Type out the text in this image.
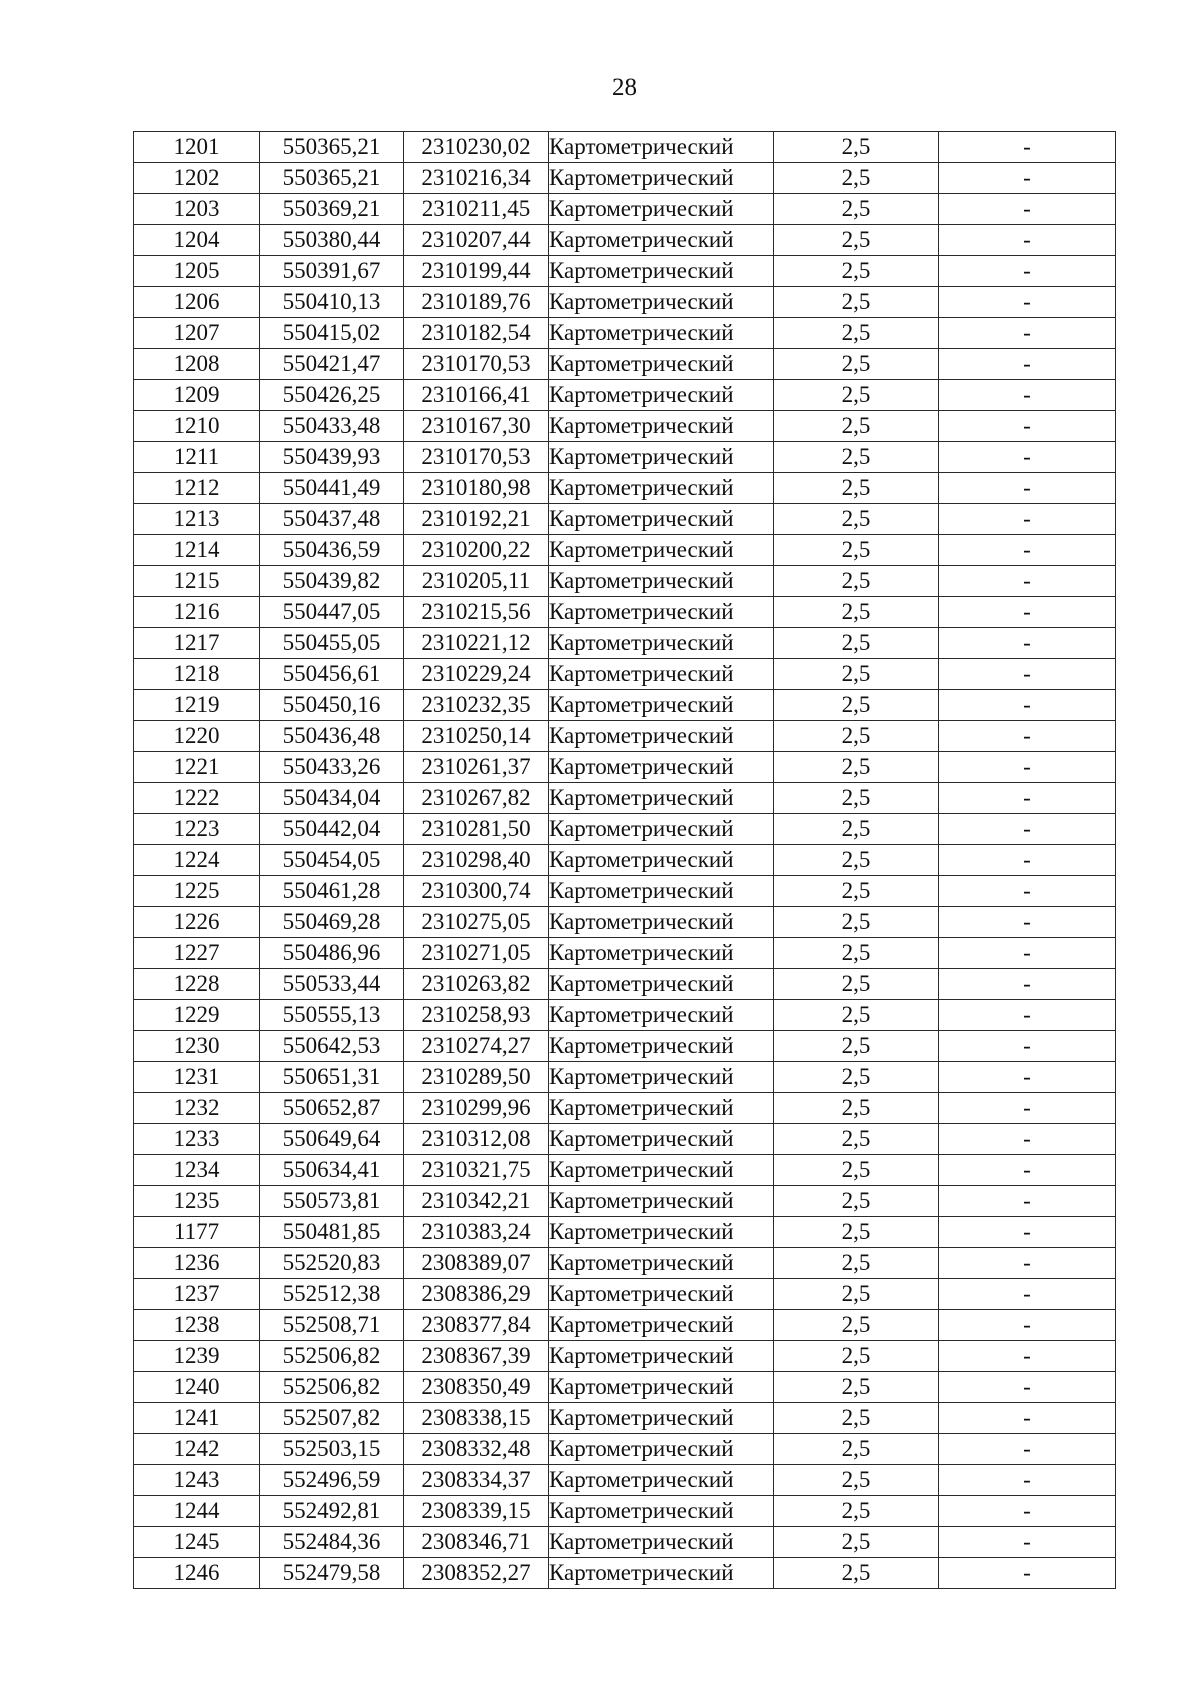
28
1201	550365,21	2310230,02	Картометрический	2,5	-
1202	550365,21	2310216,34	Картометрический	2,5	-
1203	550369,21	2310211,45	Картометрический	2,5	-
1204	550380,44	2310207,44	Картометрический	2,5	-
1205	550391,67	2310199,44	Картометрический	2,5	-
1206	550410,13	2310189,76	Картометрический	2,5	-
1207	550415,02	2310182,54	Картометрический	2,5	-
1208	550421,47	2310170,53	Картометрический	2,5	-
1209	550426,25	2310166,41	Картометрический	2,5	-
1210	550433,48	2310167,30	Картометрический	2,5	-
1211	550439,93	2310170,53	Картометрический	2,5	-
1212	550441,49	2310180,98	Картометрический	2,5	-
1213	550437,48	2310192,21	Картометрический	2,5	-
1214	550436,59	2310200,22	Картометрический	2,5	-
1215	550439,82	2310205,11	Картометрический	2,5	-
1216	550447,05	2310215,56	Картометрический	2,5	-
1217	550455,05	2310221,12	Картометрический	2,5	-
1218	550456,61	2310229,24	Картометрический	2,5	-
1219	550450,16	2310232,35	Картометрический	2,5	-
1220	550436,48	2310250,14	Картометрический	2,5	-
1221	550433,26	2310261,37	Картометрический	2,5	-
1222	550434,04	2310267,82	Картометрический	2,5	-
1223	550442,04	2310281,50	Картометрический	2,5	-
1224	550454,05	2310298,40	Картометрический	2,5	-
1225	550461,28	2310300,74	Картометрический	2,5	-
1226	550469,28	2310275,05	Картометрический	2,5	-
1227	550486,96	2310271,05	Картометрический	2,5	-
1228	550533,44	2310263,82	Картометрический	2,5	-
1229	550555,13	2310258,93	Картометрический	2,5	-
1230	550642,53	2310274,27	Картометрический	2,5	-
1231	550651,31	2310289,50	Картометрический	2,5	-
1232	550652,87	2310299,96	Картометрический	2,5	-
1233	550649,64	2310312,08	Картометрический	2,5	-
1234	550634,41	2310321,75	Картометрический	2,5	-
1235	550573,81	2310342,21	Картометрический	2,5	-
1177	550481,85	2310383,24	Картометрический	2,5	-
1236	552520,83	2308389,07	Картометрический	2,5	-
1237	552512,38	2308386,29	Картометрический	2,5	-
1238	552508,71	2308377,84	Картометрический	2,5	-
1239	552506,82	2308367,39	Картометрический	2,5	-
1240	552506,82	2308350,49	Картометрический	2,5	-
1241	552507,82	2308338,15	Картометрический	2,5	-
1242	552503,15	2308332,48	Картометрический	2,5	-
1243	552496,59	2308334,37	Картометрический	2,5	-
1244	552492,81	2308339,15	Картометрический	2,5	-
1245	552484,36	2308346,71	Картометрический	2,5	-
1246	552479,58	2308352,27	Картометрический	2,5	-
